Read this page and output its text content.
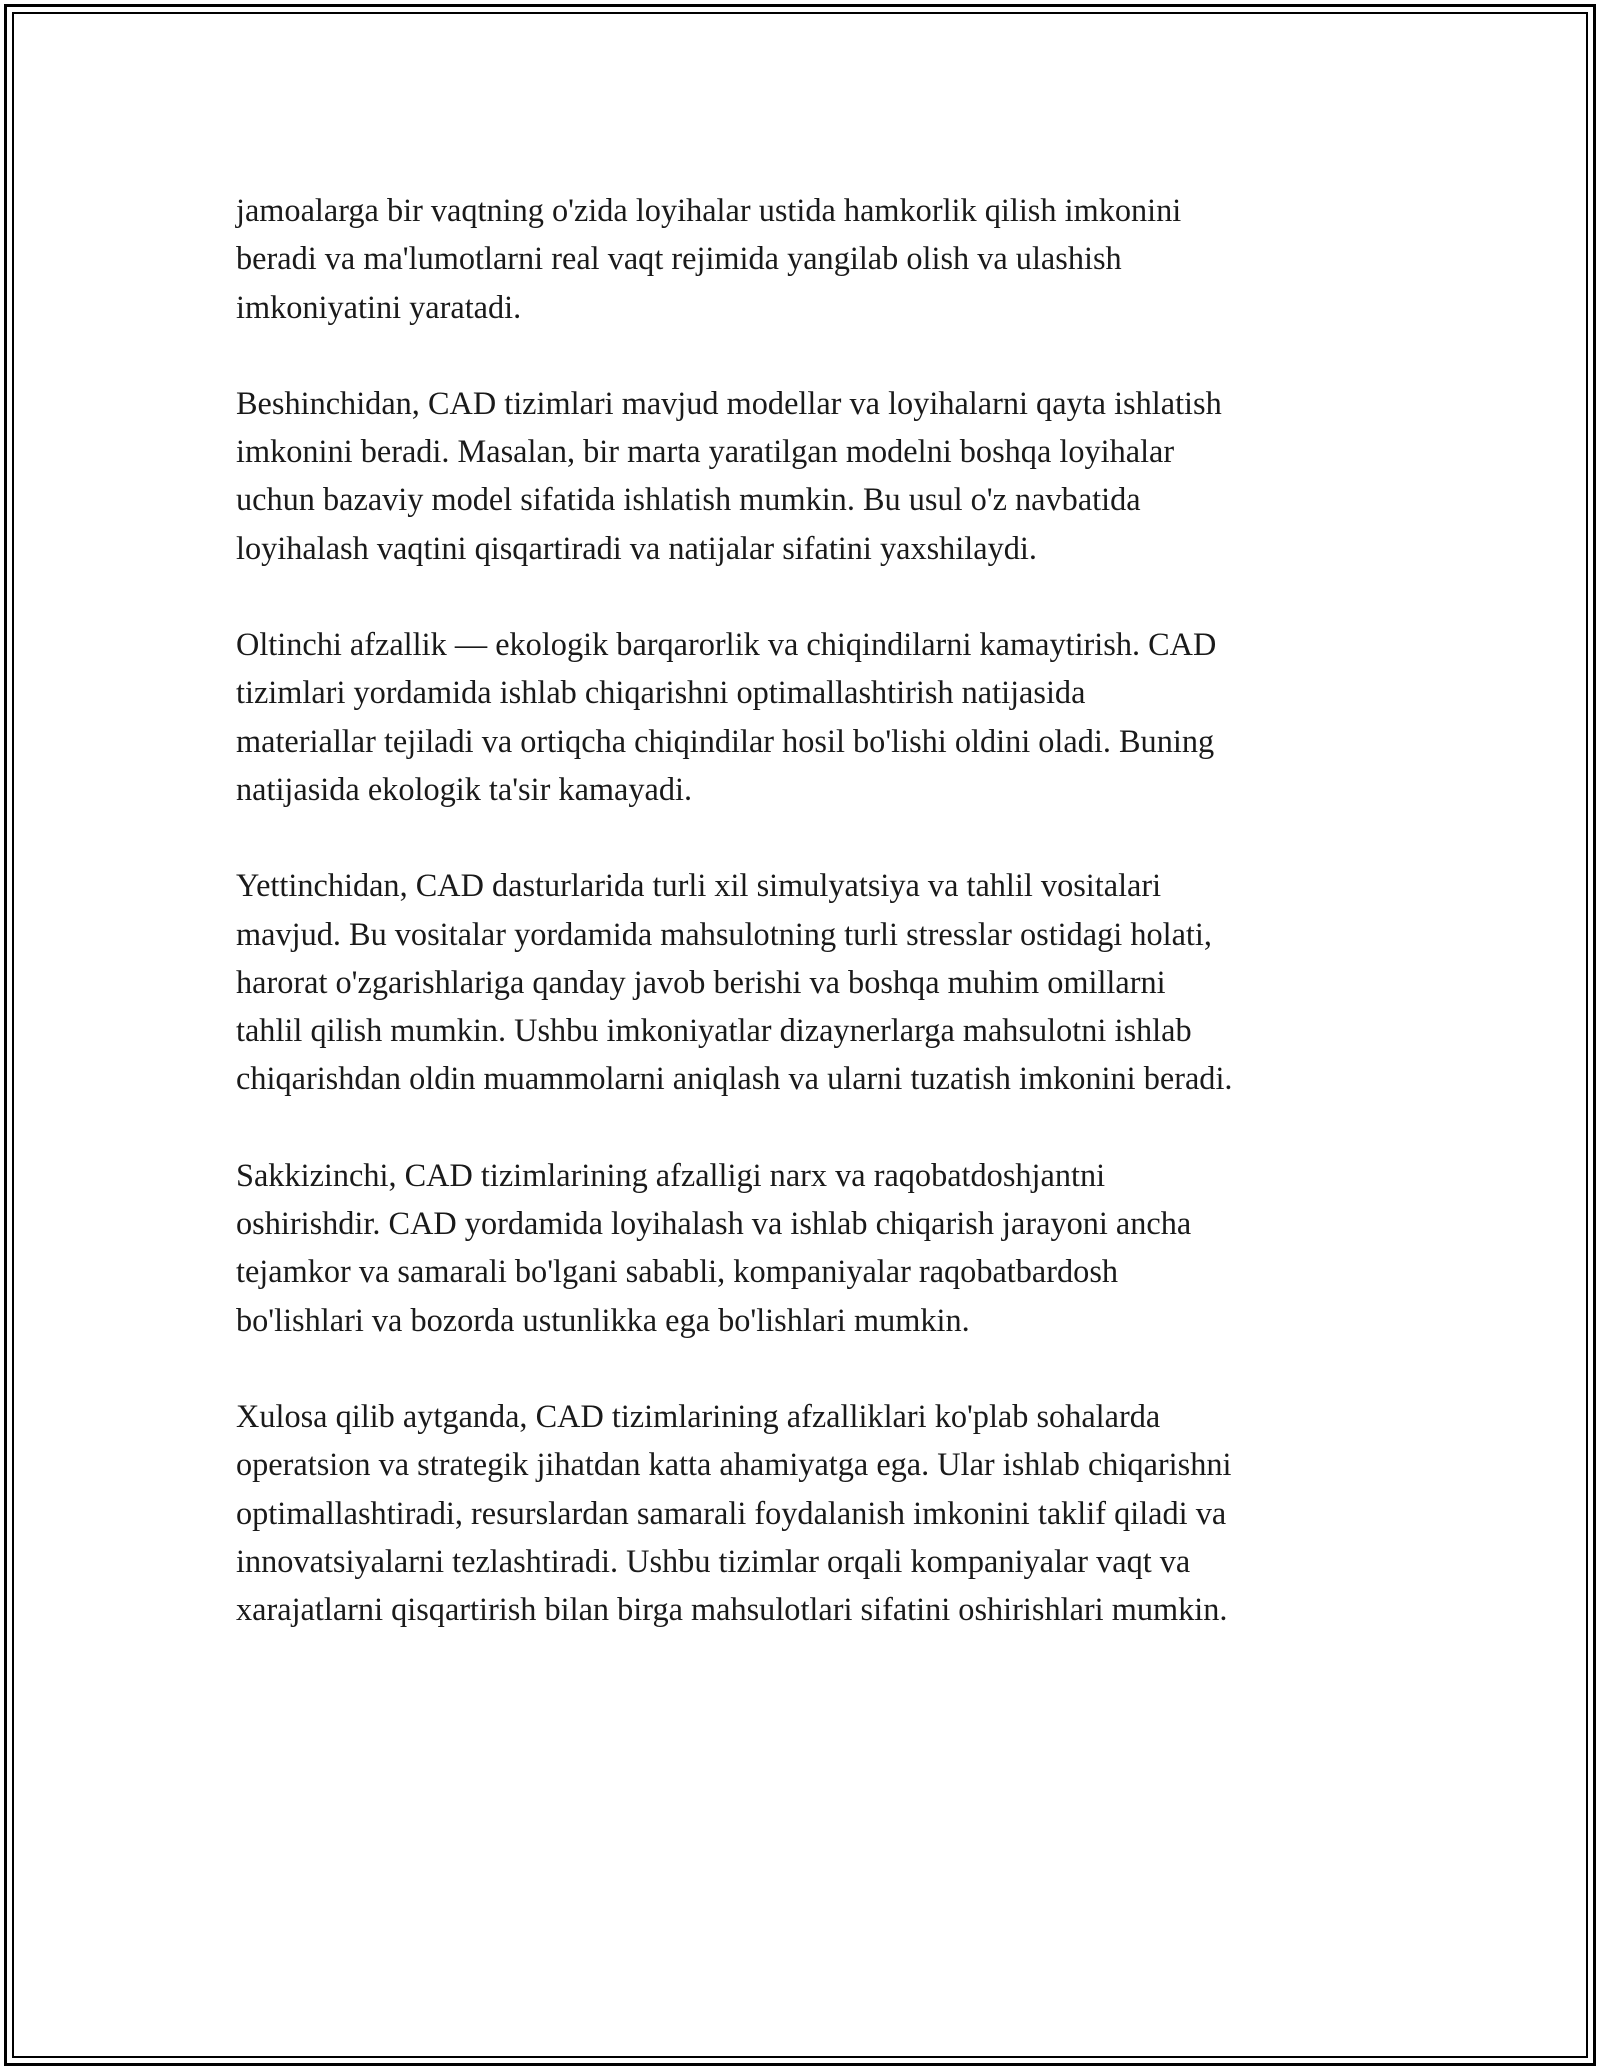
jamoalarga bir vaqtning o'zida loyihalar ustida hamkorlik qilish imkonini
beradi va ma'lumotlarni real vaqt rejimida yangilab olish va ulashish
imkoniyatini yaratadi.

Beshinchidan, CAD tizimlari mavjud modellar va loyihalarni qayta ishlatish
imkonini beradi. Masalan, bir marta yaratilgan modelni boshqa loyihalar
uchun bazaviy model sifatida ishlatish mumkin. Bu usul o'z navbatida
loyihalash vaqtini qisqartiradi va natijalar sifatini yaxshilaydi.

Oltinchi afzallik — ekologik barqarorlik va chiqindilarni kamaytirish. CAD
tizimlari yordamida ishlab chiqarishni optimallashtirish natijasida
materiallar tejiladi va ortiqcha chiqindilar hosil bo'lishi oldini oladi. Buning
natijasida ekologik ta'sir kamayadi.

Yettinchidan, CAD dasturlarida turli xil simulyatsiya va tahlil vositalari
mavjud. Bu vositalar yordamida mahsulotning turli stresslar ostidagi holati,
harorat o'zgarishlariga qanday javob berishi va boshqa muhim omillarni
tahlil qilish mumkin. Ushbu imkoniyatlar dizaynerlarga mahsulotni ishlab
chiqarishdan oldin muammolarni aniqlash va ularni tuzatish imkonini beradi.

Sakkizinchi, CAD tizimlarining afzalligi narx va raqobatdoshjantni
oshirishdir. CAD yordamida loyihalash va ishlab chiqarish jarayoni ancha
tejamkor va samarali bo'lgani sababli, kompaniyalar raqobatbardosh
bo'lishlari va bozorda ustunlikka ega bo'lishlari mumkin.

Xulosa qilib aytganda, CAD tizimlarining afzalliklari ko'plab sohalarda
operatsion va strategik jihatdan katta ahamiyatga ega. Ular ishlab chiqarishni
optimallashtiradi, resurslardan samarali foydalanish imkonini taklif qiladi va
innovatsiyalarni tezlashtiradi. Ushbu tizimlar orqali kompaniyalar vaqt va
xarajatlarni qisqartirish bilan birga mahsulotlari sifatini oshirishlari mumkin.
